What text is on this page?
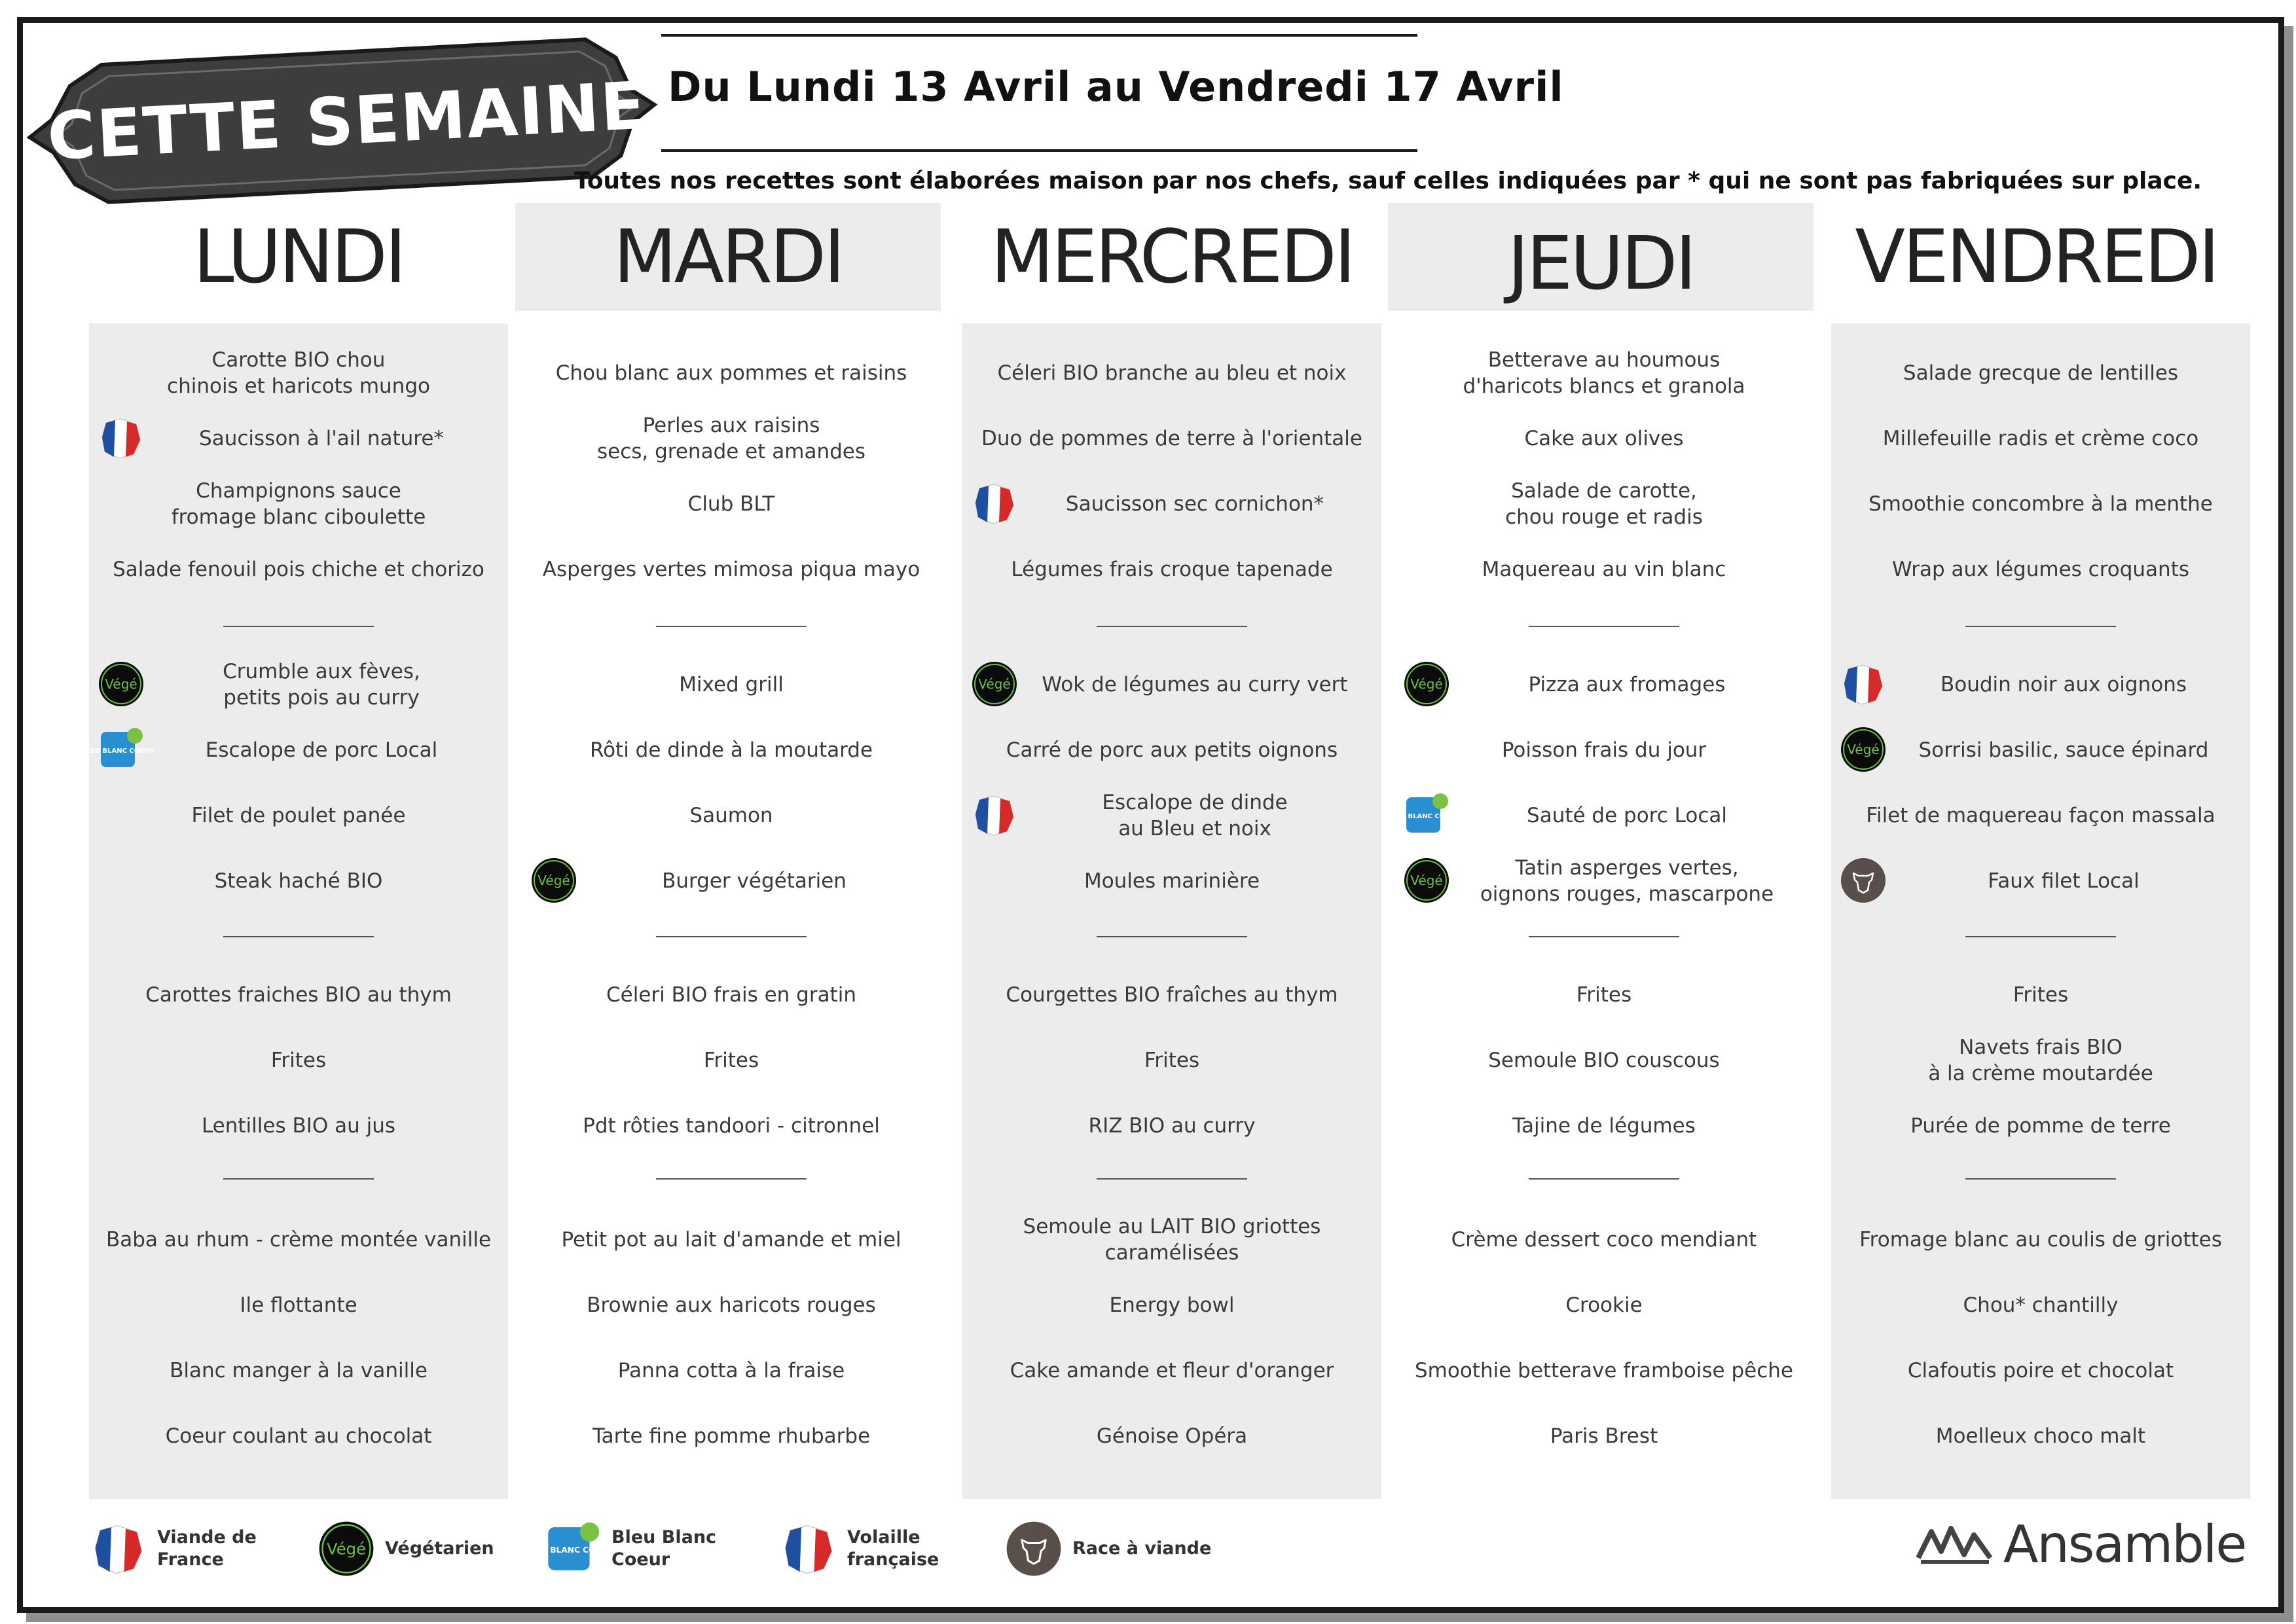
CETTE SEMAINE Du Lundi 13 Avril au Vendredi 17 Avril
Toutes nos recettes sont élaborées maison par nos chefs, sauf celles indiquées par * qui ne sont pas fabriquées sur place.
LUNDI	MARDI	MERCREDI	JEUDI	VENDREDI
Carotte BIO chou
chinois et haricots mungo
Saucisson à l'ail nature*
Champignons sauce
fromage blanc ciboulette
Salade fenouil pois chiche et chorizo
Crumble aux fèves,
petits pois au curry
Escalope de porc Local
Filet de poulet panée
Steak haché BIO
Carottes fraiches BIO au thym
Frites
Lentilles BIO au jus
Baba au rhum - crème montée vanille
Ile flottante
Blanc manger à la vanille
Coeur coulant au chocolat
Végé
BLEU BLANC COEUR
Chou blanc aux pommes et raisins
Perles aux raisins
secs, grenade et amandes
Club BLT
Asperges vertes mimosa piqua mayo
Mixed grill
Rôti de dinde à la moutarde
Saumon
Burger végétarien
Céleri BIO frais en gratin
Frites
Pdt rôties tandoori - citronnel
Petit pot au lait d'amande et miel
Brownie aux haricots rouges
Panna cotta à la fraise
Tarte fine pomme rhubarbe
Végé
Céleri BIO branche au bleu et noix
Duo de pommes de terre à l'orientale
Saucisson sec cornichon*
Légumes frais croque tapenade
Wok de légumes au curry vert
Carré de porc aux petits oignons
Escalope de dinde
au Bleu et noix
Moules marinière
Courgettes BIO fraîches au thym
Frites
RIZ BIO au curry
Semoule au LAIT BIO griottes
caramélisées
Energy bowl
Cake amande et fleur d'oranger
Génoise Opéra
Végé
Betterave au houmous
d'haricots blancs et granola
Cake aux olives
Salade de carotte,
chou rouge et radis
Maquereau au vin blanc
Pizza aux fromages
Poisson frais du jour
Sauté de porc Local
Tatin asperges vertes,
oignons rouges, mascarpone
Frites
Semoule BIO couscous
Tajine de légumes
Crème dessert coco mendiant
Crookie
Smoothie betterave framboise pêche
Paris Brest
Végé
BLEU BLANC COEUR
Végé
Salade grecque de lentilles
Millefeuille radis et crème coco
Smoothie concombre à la menthe
Wrap aux légumes croquants
Boudin noir aux oignons
Sorrisi basilic, sauce épinard
Filet de maquereau façon massala
Faux filet Local
Frites
Navets frais BIO
à la crème moutardée
Purée de pomme de terre
Fromage blanc au coulis de griottes
Chou* chantilly
Clafoutis poire et chocolat
Moelleux choco malt
Végé
Viande de
France
Végé Végétarien	BLEU BLANC COEUR
Bleu Blanc
Coeur
Volaille
française
Race à viande	Ansamble
